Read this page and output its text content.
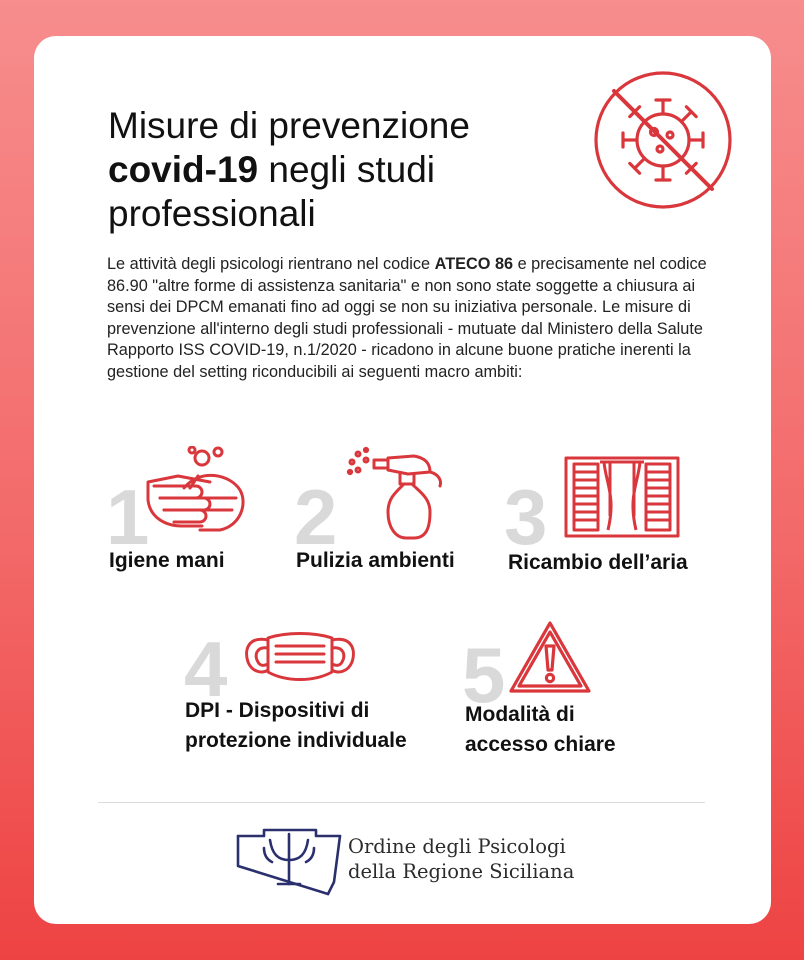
Misure di prevenzione
covid-19 negli studi
professionali

Le attività degli psicologi rientrano nel codice ATECO 86 e precisamente nel codice 86.90 "altre forme di assistenza sanitaria" e non sono state soggette a chiusura ai sensi dei DPCM emanati fino ad oggi se non su iniziativa personale. Le misure di prevenzione all'interno degli studi professionali - mutuate dal Ministero della Salute Rapporto ISS COVID-19, n.1/2020 - ricadono in alcune buone pratiche inerenti la gestione del setting riconducibili ai seguenti macro ambiti:

1
Igiene mani 2
Pulizia ambienti 3
Ricambio dell’aria
4
DPI - Dispositivi di
protezione individuale
5
Modalità di
accesso chiare
Ordine degli Psicologi
della Regione Siciliana
